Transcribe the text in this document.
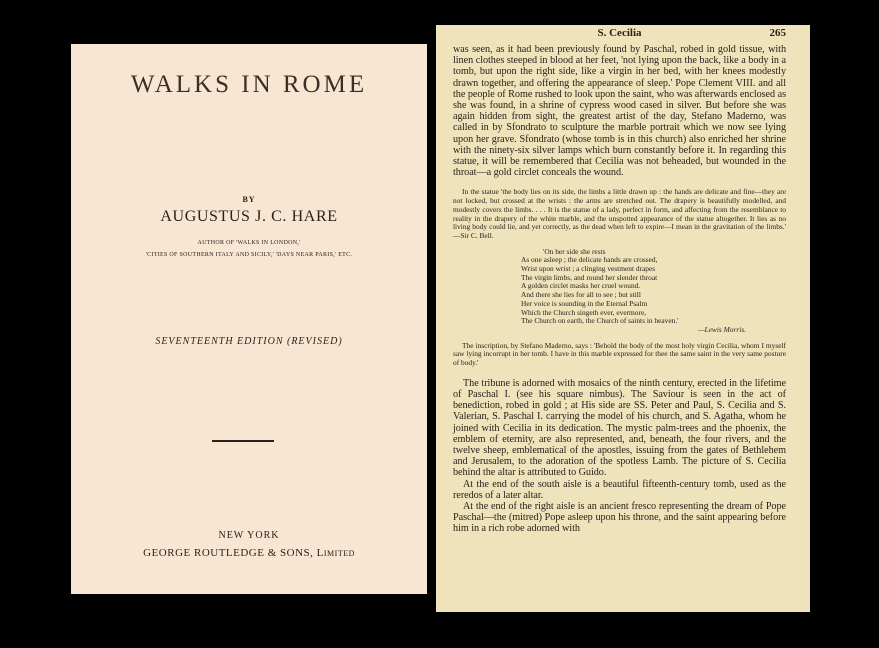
WALKS IN ROME
BY
AUGUSTUS J. C. HARE
AUTHOR OF 'WALKS IN LONDON,'
'CITIES OF SOUTHERN ITALY AND SICILY,' 'DAYS NEAR PARIS,' ETC.
SEVENTEENTH EDITION (REVISED)
NEW YORK
GEORGE ROUTLEDGE & SONS, Limited
S. Cecilia	265

was seen, as it had been previously found by Paschal, robed in gold tissue, with linen clothes steeped in blood at her feet, 'not lying upon the back, like a body in a tomb, but upon the right side, like a virgin in her bed, with her knees modestly drawn together, and offering the appearance of sleep.' Pope Clement VIII. and all the people of Rome rushed to look upon the saint, who was afterwards enclosed as she was found, in a shrine of cypress wood cased in silver. But before she was again hidden from sight, the greatest artist of the day, Stefano Maderno, was called in by Sfondrato to sculpture the marble portrait which we now see lying upon her grave. Sfondrato (whose tomb is in this church) also enriched her shrine with the ninety-six silver lamps which burn constantly before it. In regarding this statue, it will be remembered that Cecilia was not beheaded, but wounded in the throat—a gold circlet conceals the wound.

In the statue 'the body lies on its side, the limbs a little drawn up : the hands are delicate and fine—they are not locked, but crossed at the wrists : the arms are stretched out. The drapery is beautifully modelled, and modestly covers the limbs. . . . It is the statue of a lady, perfect in form, and affecting from the resemblance to reality in the drapery of the white marble, and the unspotted appearance of the statue altogether. It lies as no living body could lie, and yet correctly, as the dead when left to expire—I mean in the gravitation of the limbs.' —Sir C. Bell.

'On her side she rests
As one asleep ; the delicate hands are crossed,
Wrist upon wrist ; a clinging vestment drapes
The virgin limbs, and round her slender throat
A golden circlet masks her cruel wound.
And there she lies for all to see ; but still
Her voice is sounding in the Eternal Psalm
Which the Church singeth ever, evermore,
The Church on earth, the Church of saints in heaven.'
—Lewis Morris.

The inscription, by Stefano Maderno, says : 'Behold the body of the most holy virgin Cecilia, whom I myself saw lying incorrupt in her tomb. I have in this marble expressed for thee the same saint in the very same posture of body.'

The tribune is adorned with mosaics of the ninth century, erected in the lifetime of Paschal I. (see his square nimbus). The Saviour is seen in the act of benediction, robed in gold ; at His side are SS. Peter and Paul, S. Cecilia and S. Valerian, S. Paschal I. carrying the model of his church, and S. Agatha, whom he joined with Cecilia in its dedication. The mystic palm-trees and the phoenix, the emblem of eternity, are also represented, and, beneath, the four rivers, and the twelve sheep, emblematical of the apostles, issuing from the gates of Bethlehem and Jerusalem, to the adoration of the spotless Lamb. The picture of S. Cecilia behind the altar is attributed to Guido.

At the end of the south aisle is a beautiful fifteenth-century tomb, used as the reredos of a later altar.

At the end of the right aisle is an ancient fresco representing the dream of Pope Paschal—the (mitred) Pope asleep upon his throne, and the saint appearing before him in a rich robe adorned with
